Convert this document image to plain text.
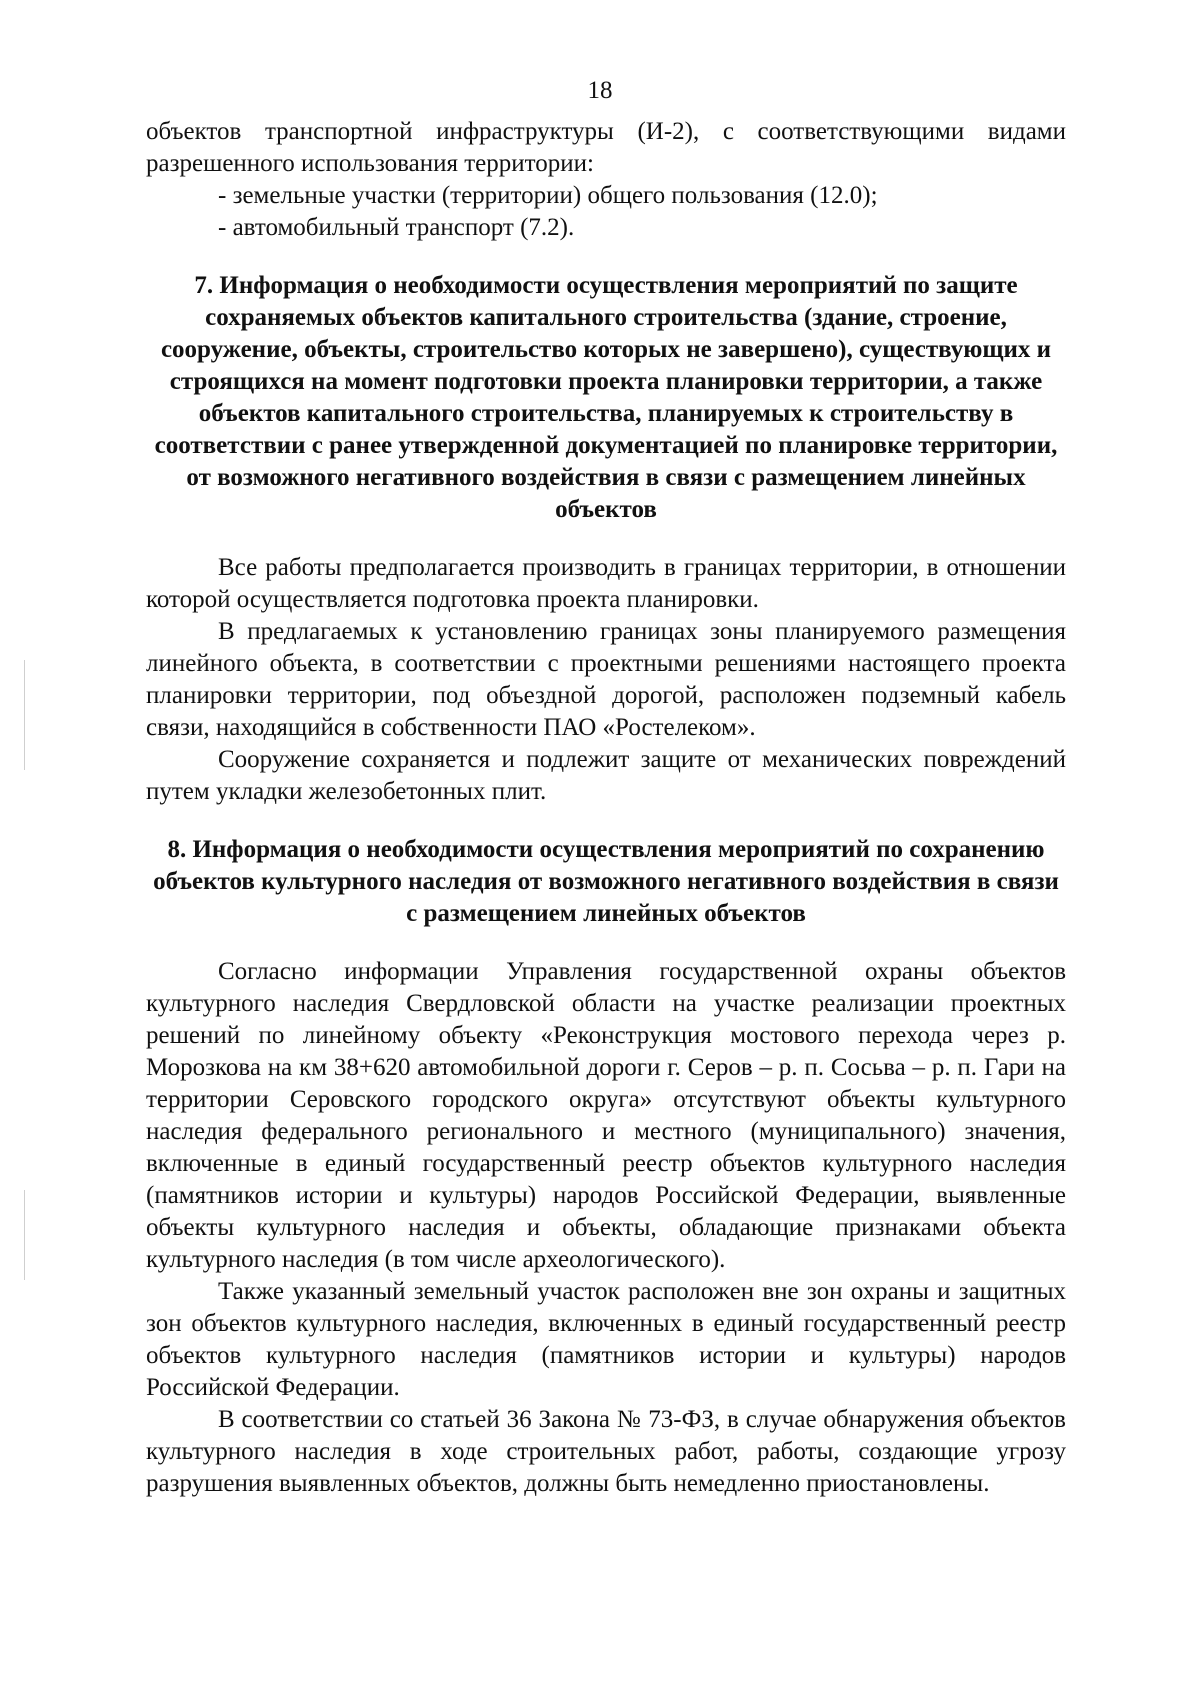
18

объектов транспортной инфраструктуры (И-2), с соответствующими видами разрешенного использования территории:

- земельные участки (территории) общего пользования (12.0);

- автомобильный транспорт (7.2).

7. Информация о необходимости осуществления мероприятий по защите сохраняемых объектов капитального строительства (здание, строение, сооружение, объекты, строительство которых не завершено), существующих и строящихся на момент подготовки проекта планировки территории, а также объектов капитального строительства, планируемых к строительству в соответствии с ранее утвержденной документацией по планировке территории, от возможного негативного воздействия в связи с размещением линейных объектов

Все работы предполагается производить в границах территории, в отношении которой осуществляется подготовка проекта планировки.

В предлагаемых к установлению границах зоны планируемого размещения линейного объекта, в соответствии с проектными решениями настоящего проекта планировки территории, под объездной дорогой, расположен подземный кабель связи, находящийся в собственности ПАО «Ростелеком».

Сооружение сохраняется и подлежит защите от механических повреждений путем укладки железобетонных плит.

8. Информация о необходимости осуществления мероприятий по сохранению объектов культурного наследия от возможного негативного воздействия в связи с размещением линейных объектов

Согласно информации Управления государственной охраны объектов культурного наследия Свердловской области на участке реализации проектных решений по линейному объекту «Реконструкция мостового перехода через р. Морозкова на км 38+620 автомобильной дороги г. Серов – р. п. Сосьва – р. п. Гари на территории Серовского городского округа» отсутствуют объекты культурного наследия федерального регионального и местного (муниципального) значения, включенные в единый государственный реестр объектов культурного наследия (памятников истории и культуры) народов Российской Федерации, выявленные объекты культурного наследия и объекты, обладающие признаками объекта культурного наследия (в том числе археологического).

Также указанный земельный участок расположен вне зон охраны и защитных зон объектов культурного наследия, включенных в единый государственный реестр объектов культурного наследия (памятников истории и культуры) народов Российской Федерации.

В соответствии со статьей 36 Закона № 73-ФЗ, в случае обнаружения объектов культурного наследия в ходе строительных работ, работы, создающие угрозу разрушения выявленных объектов, должны быть немедленно приостановлены.
